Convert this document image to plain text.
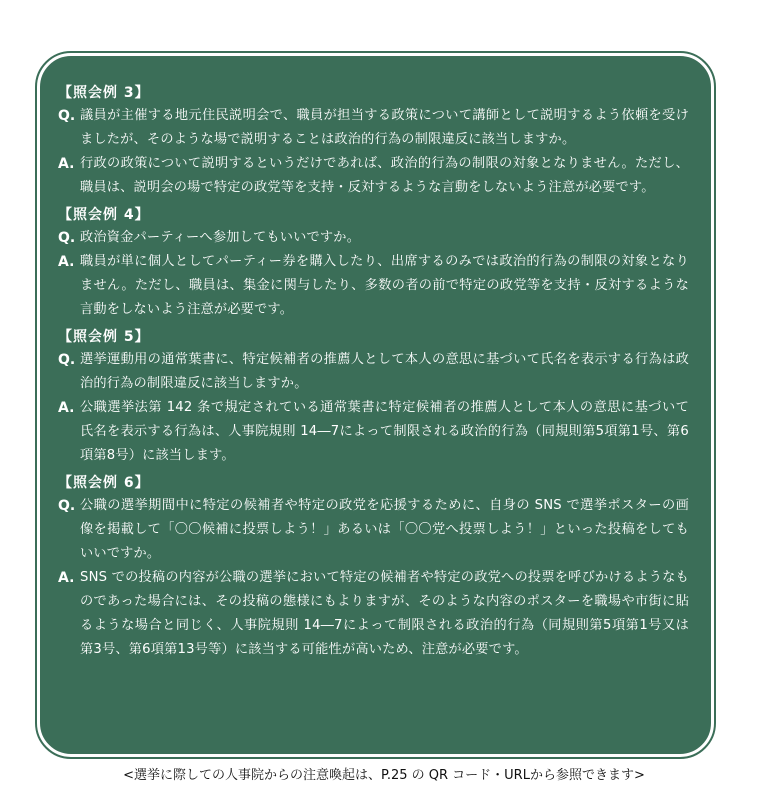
【照会例 3】
Q. 議員が主催する地元住民説明会で、職員が担当する政策について講師として説明するよう依頼を受けましたが、そのような場で説明することは政治的行為の制限違反に該当しますか。
A. 行政の政策について説明するというだけであれば、政治的行為の制限の対象となりません。ただし、職員は、説明会の場で特定の政党等を支持・反対するような言動をしないよう注意が必要です。
【照会例 4】
Q. 政治資金パーティーへ参加してもいいですか。
A. 職員が単に個人としてパーティー券を購入したり、出席するのみでは政治的行為の制限の対象となりません。ただし、職員は、集金に関与したり、多数の者の前で特定の政党等を支持・反対するような言動をしないよう注意が必要です。
【照会例 5】
Q. 選挙運動用の通常葉書に、特定候補者の推薦人として本人の意思に基づいて氏名を表示する行為は政治的行為の制限違反に該当しますか。
A. 公職選挙法第 142 条で規定されている通常葉書に特定候補者の推薦人として本人の意思に基づいて氏名を表示する行為は、人事院規則 14―7によって制限される政治的行為（同規則第5項第1号、第6項第8号）に該当します。
【照会例 6】
Q. 公職の選挙期間中に特定の候補者や特定の政党を応援するために、自身の SNS で選挙ポスターの画像を掲載して「〇〇候補に投票しよう！」あるいは「〇〇党へ投票しよう！」といった投稿をしてもいいですか。
A. SNS での投稿の内容が公職の選挙において特定の候補者や特定の政党への投票を呼びかけるようなものであった場合には、その投稿の態様にもよりますが、そのような内容のポスターを職場や市街に貼るような場合と同じく、人事院規則 14―7によって制限される政治的行為（同規則第5項第1号又は第3号、第6項第13号等）に該当する可能性が高いため、注意が必要です。
<選挙に際しての人事院からの注意喚起は、P.25 の QR コード・URLから参照できます>
